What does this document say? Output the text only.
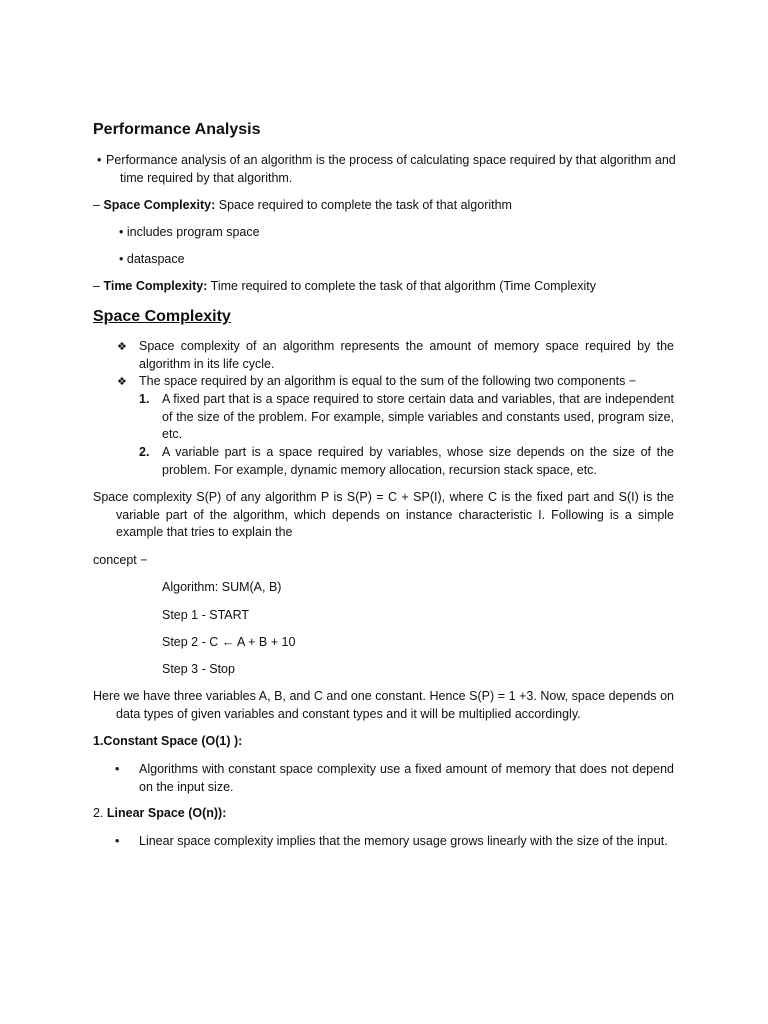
Performance Analysis
• Performance analysis of an algorithm is the process of calculating space required by that algorithm and time required by that algorithm.
– Space Complexity: Space required to complete the task of that algorithm
• includes program space
• dataspace
– Time Complexity: Time required to complete the task of that algorithm (Time Complexity
Space Complexity
❖ Space complexity of an algorithm represents the amount of memory space required by the algorithm in its life cycle.
❖ The space required by an algorithm is equal to the sum of the following two components −
1. A fixed part that is a space required to store certain data and variables, that are independent of the size of the problem. For example, simple variables and constants used, program size, etc.
2. A variable part is a space required by variables, whose size depends on the size of the problem. For example, dynamic memory allocation, recursion stack space, etc.
Space complexity S(P) of any algorithm P is S(P) = C + SP(I), where C is the fixed part and S(I) is the variable part of the algorithm, which depends on instance characteristic I. Following is a simple example that tries to explain the
concept −
Algorithm: SUM(A, B)
Step 1 - START
Step 2 - C ← A + B + 10
Step 3 - Stop
Here we have three variables A, B, and C and one constant. Hence S(P) = 1 +3. Now, space depends on data types of given variables and constant types and it will be multiplied accordingly.
1.Constant Space (O(1) ):
• Algorithms with constant space complexity use a fixed amount of memory that does not depend on the input size.
2. Linear Space (O(n)):
• Linear space complexity implies that the memory usage grows linearly with the size of the input.
